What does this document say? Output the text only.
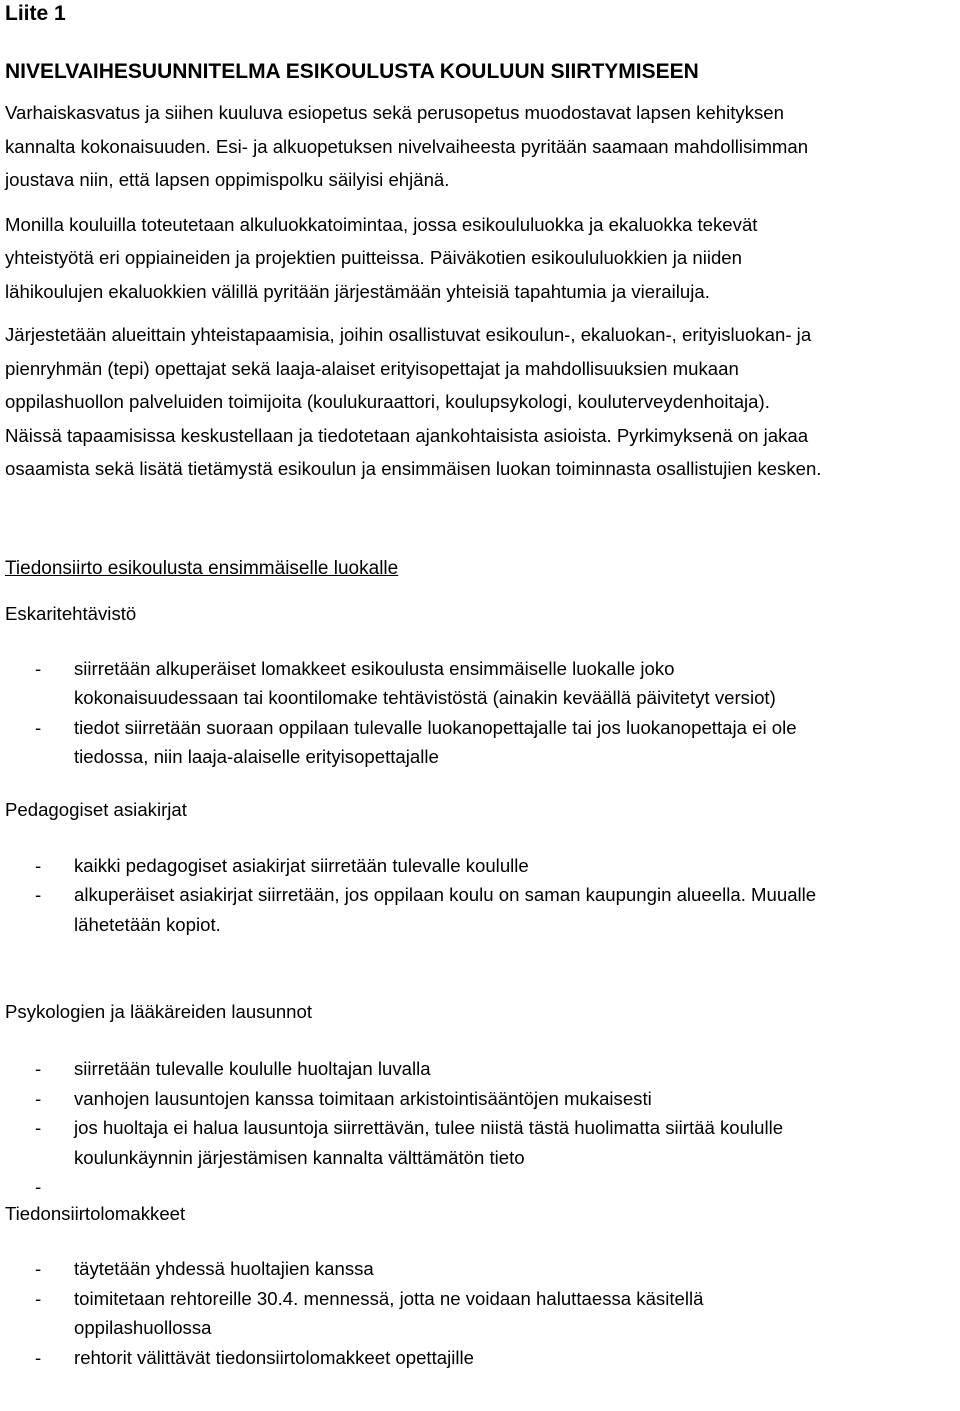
Liite 1

NIVELVAIHESUUNNITELMA ESIKOULUSTA KOULUUN SIIRTYMISEEN

Varhaiskasvatus ja siihen kuuluva esiopetus sekä perusopetus muodostavat lapsen kehityksen
kannalta kokonaisuuden. Esi- ja alkuopetuksen nivelvaiheesta pyritään saamaan mahdollisimman
joustava niin, että lapsen oppimispolku säilyisi ehjänä.

Monilla kouluilla toteutetaan alkuluokkatoimintaa, jossa esikoululuokka ja ekaluokka tekevät
yhteistyötä eri oppiaineiden ja projektien puitteissa. Päiväkotien esikoululuokkien ja niiden
lähikoulujen ekaluokkien välillä pyritään järjestämään yhteisiä tapahtumia ja vierailuja.

Järjestetään alueittain yhteistapaamisia, joihin osallistuvat esikoulun-, ekaluokan-, erityisluokan- ja
pienryhmän (tepi) opettajat sekä laaja-alaiset erityisopettajat ja mahdollisuuksien mukaan
oppilashuollon palveluiden toimijoita (koulukuraattori, koulupsykologi, kouluterveydenhoitaja).
Näissä tapaamisissa keskustellaan ja tiedotetaan ajankohtaisista asioista. Pyrkimyksenä on jakaa
osaamista sekä lisätä tietämystä esikoulun ja ensimmäisen luokan toiminnasta osallistujien kesken.

Tiedonsiirto esikoulusta ensimmäiselle luokalle

Eskaritehtävistö

- siirretään alkuperäiset lomakkeet esikoulusta ensimmäiselle luokalle joko
kokonaisuudessaan tai koontilomake tehtävistöstä (ainakin keväällä päivitetyt versiot)
- tiedot siirretään suoraan oppilaan tulevalle luokanopettajalle tai jos luokanopettaja ei ole
tiedossa, niin laaja-alaiselle erityisopettajalle

Pedagogiset asiakirjat

- kaikki pedagogiset asiakirjat siirretään tulevalle koululle
- alkuperäiset asiakirjat siirretään, jos oppilaan koulu on saman kaupungin alueella. Muualle
lähetetään kopiot.

Psykologien ja lääkäreiden lausunnot

- siirretään tulevalle koululle huoltajan luvalla
- vanhojen lausuntojen kanssa toimitaan arkistointisääntöjen mukaisesti
- jos huoltaja ei halua lausuntoja siirrettävän, tulee niistä tästä huolimatta siirtää koululle
koulunkäynnin järjestämisen kannalta välttämätön tieto

-

Tiedonsiirtolomakkeet

- täytetään yhdessä huoltajien kanssa
- toimitetaan rehtoreille 30.4. mennessä, jotta ne voidaan haluttaessa käsitellä
oppilashuollossa
- rehtorit välittävät tiedonsiirtolomakkeet opettajille
